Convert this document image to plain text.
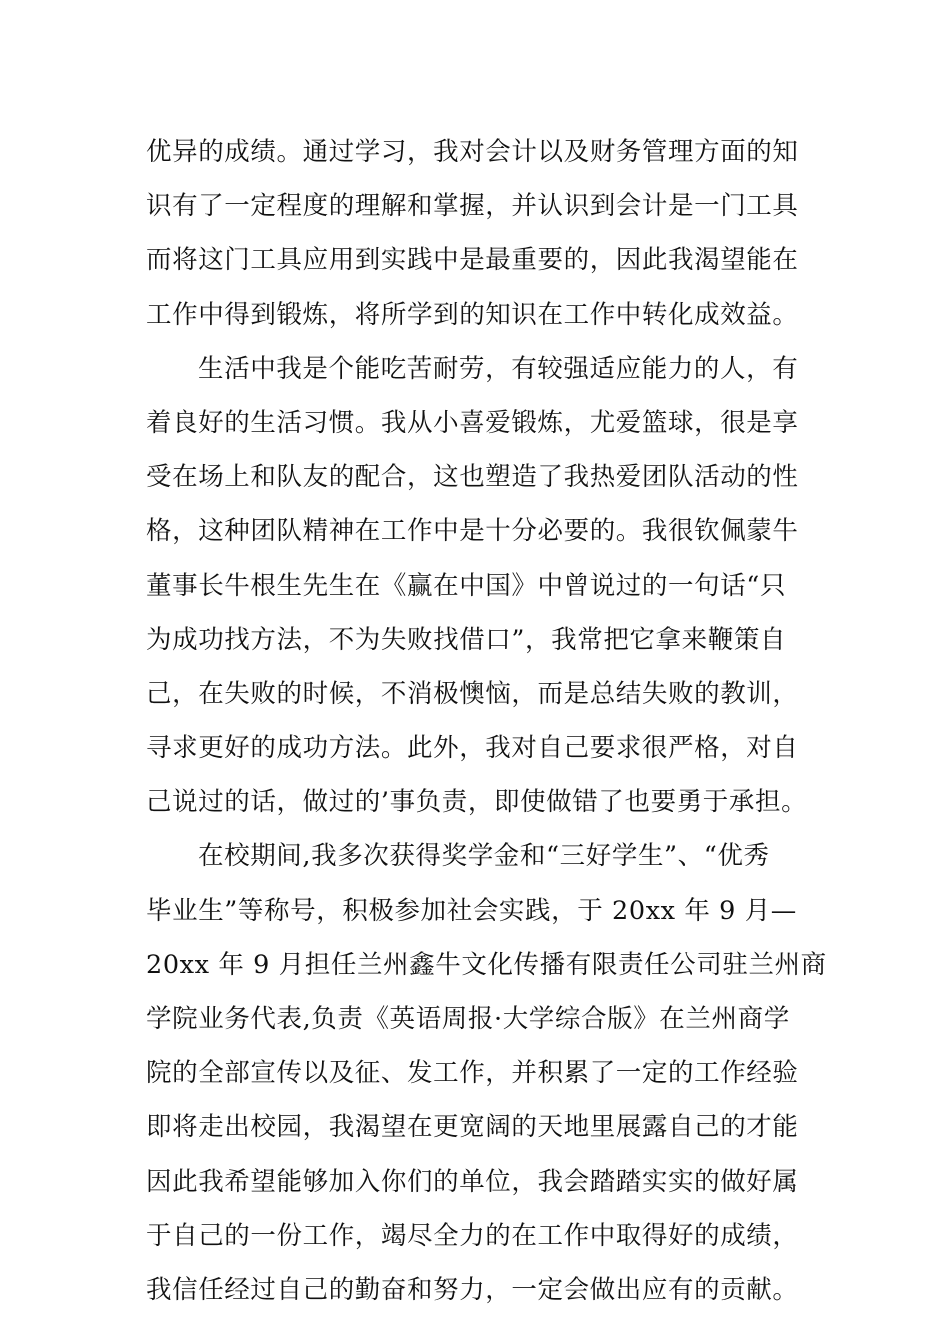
优异的成绩。通过学习，我对会计以及财务管理方面的知
识有了一定程度的理解和掌握，并认识到会计是一门工具
而将这门工具应用到实践中是最重要的，因此我渴望能在
工作中得到锻炼，将所学到的知识在工作中转化成效益。
生活中我是个能吃苦耐劳，有较强适应能力的人，有
着良好的生活习惯。我从小喜爱锻炼，尤爱篮球，很是享
受在场上和队友的配合，这也塑造了我热爱团队活动的性
格，这种团队精神在工作中是十分必要的。我很钦佩蒙牛
董事长牛根生先生在《赢在中国》中曾说过的一句话“只
为成功找方法，不为失败找借口”，我常把它拿来鞭策自
己，在失败的时候，不消极懊恼，而是总结失败的教训，
寻求更好的成功方法。此外，我对自己要求很严格，对自
己说过的话，做过的’事负责，即使做错了也要勇于承担。
在校期间,我多次获得奖学金和“三好学生”、“优秀
毕业生”等称号，积极参加社会实践，于 20xx 年 9 月—
20xx 年 9 月担任兰州鑫牛文化传播有限责任公司驻兰州商
学院业务代表,负责《英语周报·大学综合版》在兰州商学
院的全部宣传以及征、发工作，并积累了一定的工作经验
即将走出校园，我渴望在更宽阔的天地里展露自己的才能
因此我希望能够加入你们的单位，我会踏踏实实的做好属
于自己的一份工作，竭尽全力的在工作中取得好的成绩，
我信任经过自己的勤奋和努力，一定会做出应有的贡献。
